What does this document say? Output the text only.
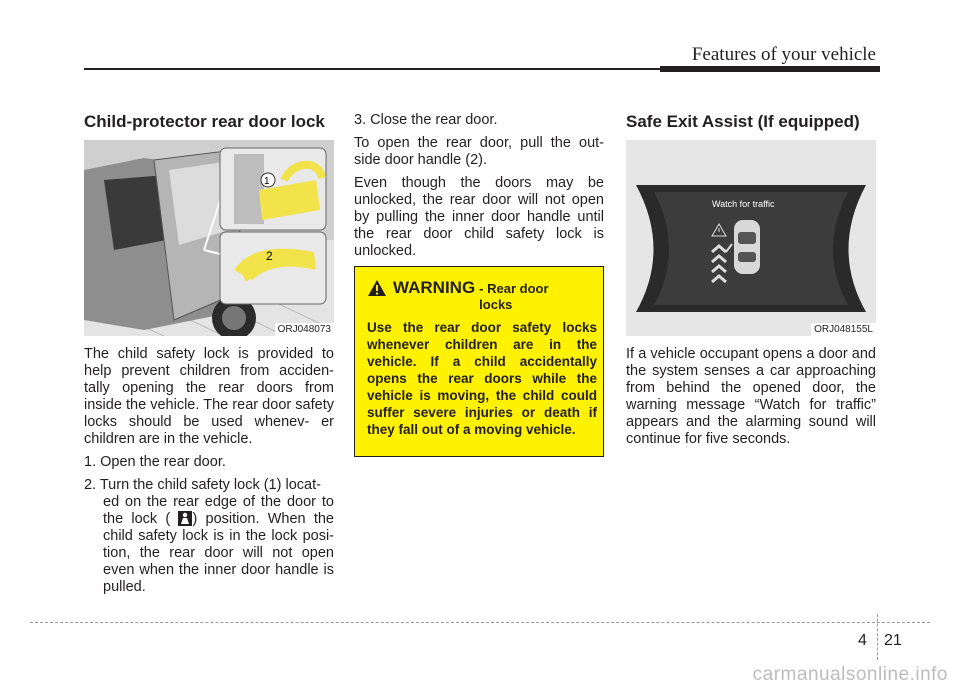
Features of your vehicle
Child-protector rear door lock
1
2
ORJ048073

The child safety lock is provided to help prevent children from acciden- tally opening the rear doors from inside the vehicle. The rear door safety locks should be used whenev- er children are in the vehicle.

1. Open the rear door.

2. Turn the child safety lock (1) locat-
ed on the rear edge of the door to the lock ( ) position. When the child safety lock is in the lock posi- tion, the rear door will not open even when the inner door handle is pulled.

3. Close the rear door.

To open the rear door, pull the out- side door handle (2).

Even though the doors may be unlocked, the rear door will not open by pulling the inner door handle until the rear door child safety lock is unlocked.

WARNING - Rear door locks
Use the rear door safety locks whenever children are in the vehicle. If a child accidentally opens the rear doors while the vehicle is moving, the child could suffer severe injuries or death if they fall out of a moving vehicle.
Safe Exit Assist (If equipped)
Watch for traffic
ORJ048155L

If a vehicle occupant opens a door and the system senses a car approaching from behind the opened door, the warning message “Watch for traffic” appears and the alarming sound will continue for five seconds.

4 21
carmanualsonline.info
